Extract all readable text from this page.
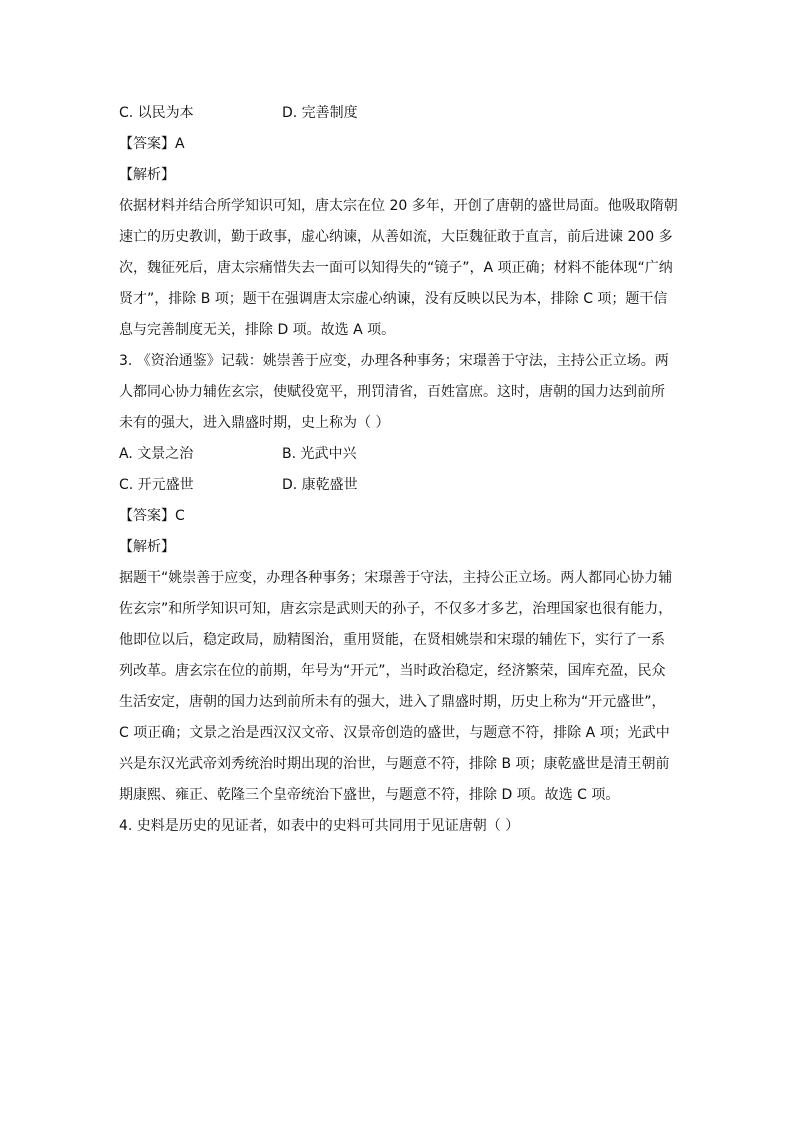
C. 以民为本	D. 完善制度
【答案】A
【解析】
依据材料并结合所学知识可知，唐太宗在位 20 多年，开创了唐朝的盛世局面。他吸取隋朝
速亡的历史教训，勤于政事，虚心纳谏，从善如流，大臣魏征敢于直言，前后进谏 200 多
次，魏征死后，唐太宗痛惜失去一面可以知得失的“镜子”，A 项正确；材料不能体现“广纳
贤才”，排除 B 项；题干在强调唐太宗虚心纳谏，没有反映以民为本，排除 C 项；题干信
息与完善制度无关，排除 D 项。故选 A 项。
3. 《资治通鉴》记载：姚崇善于应变，办理各种事务；宋璟善于守法，主持公正立场。两
人都同心协力辅佐玄宗，使赋役宽平，刑罚清省，百姓富庶。这时，唐朝的国力达到前所
未有的强大，进入鼎盛时期，史上称为（ ）
A. 文景之治	B. 光武中兴
C. 开元盛世	D. 康乾盛世
【答案】C
【解析】
据题干“姚崇善于应变，办理各种事务；宋璟善于守法，主持公正立场。两人都同心协力辅
佐玄宗”和所学知识可知，唐玄宗是武则天的孙子，不仅多才多艺，治理国家也很有能力，
他即位以后，稳定政局，励精图治，重用贤能，在贤相姚崇和宋璟的辅佐下，实行了一系
列改革。唐玄宗在位的前期，年号为“开元”，当时政治稳定，经济繁荣，国库充盈，民众
生活安定，唐朝的国力达到前所未有的强大，进入了鼎盛时期，历史上称为“开元盛世”，
C 项正确；文景之治是西汉汉文帝、汉景帝创造的盛世，与题意不符，排除 A 项；光武中
兴是东汉光武帝刘秀统治时期出现的治世，与题意不符，排除 B 项；康乾盛世是清王朝前
期康熙、雍正、乾隆三个皇帝统治下盛世，与题意不符，排除 D 项。故选 C 项。
4. 史料是历史的见证者，如表中的史料可共同用于见证唐朝（ ）
